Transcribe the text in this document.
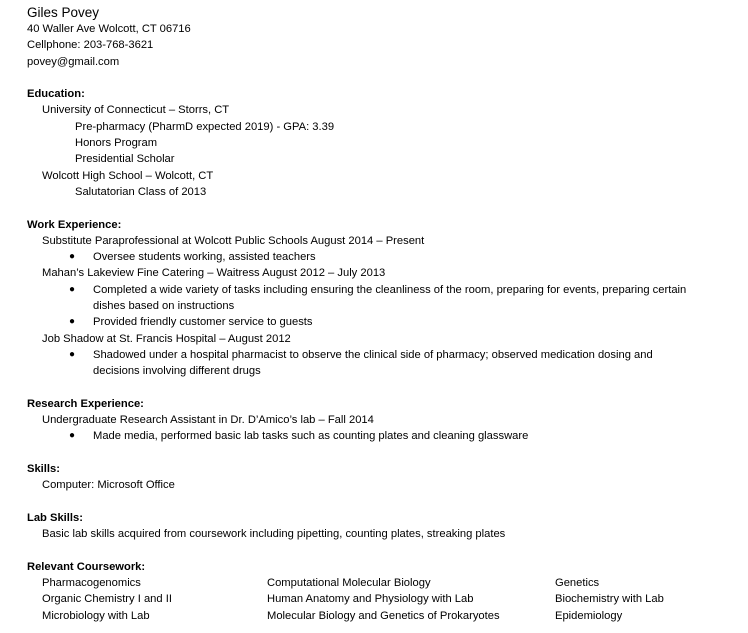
Giles Povey
40 Waller Ave Wolcott, CT 06716
Cellphone: 203-768-3621
povey@gmail.com
Education:
University of Connecticut – Storrs, CT
Pre-pharmacy (PharmD expected 2019) - GPA: 3.39
Honors Program
Presidential Scholar
Wolcott High School – Wolcott, CT
Salutatorian Class of 2013
Work Experience:
Substitute Paraprofessional at Wolcott Public Schools August 2014 – Present
● Oversee students working, assisted teachers
Mahan’s Lakeview Fine Catering – Waitress August 2012 – July 2013
● Completed a wide variety of tasks including ensuring the cleanliness of the room, preparing for events, preparing certain dishes based on instructions
● Provided friendly customer service to guests
Job Shadow at St. Francis Hospital – August 2012
● Shadowed under a hospital pharmacist to observe the clinical side of pharmacy; observed medication dosing and decisions involving different drugs
Research Experience:
Undergraduate Research Assistant in Dr. D’Amico’s lab – Fall 2014
● Made media, performed basic lab tasks such as counting plates and cleaning glassware
Skills:
Computer: Microsoft Office
Lab Skills:
Basic lab skills acquired from coursework including pipetting, counting plates, streaking plates
Relevant Coursework:
Pharmacogenomics	Computational Molecular Biology	Genetics
Organic Chemistry I and II	Human Anatomy and Physiology with Lab	Biochemistry with Lab
Microbiology with Lab	Molecular Biology and Genetics of Prokaryotes	Epidemiology
